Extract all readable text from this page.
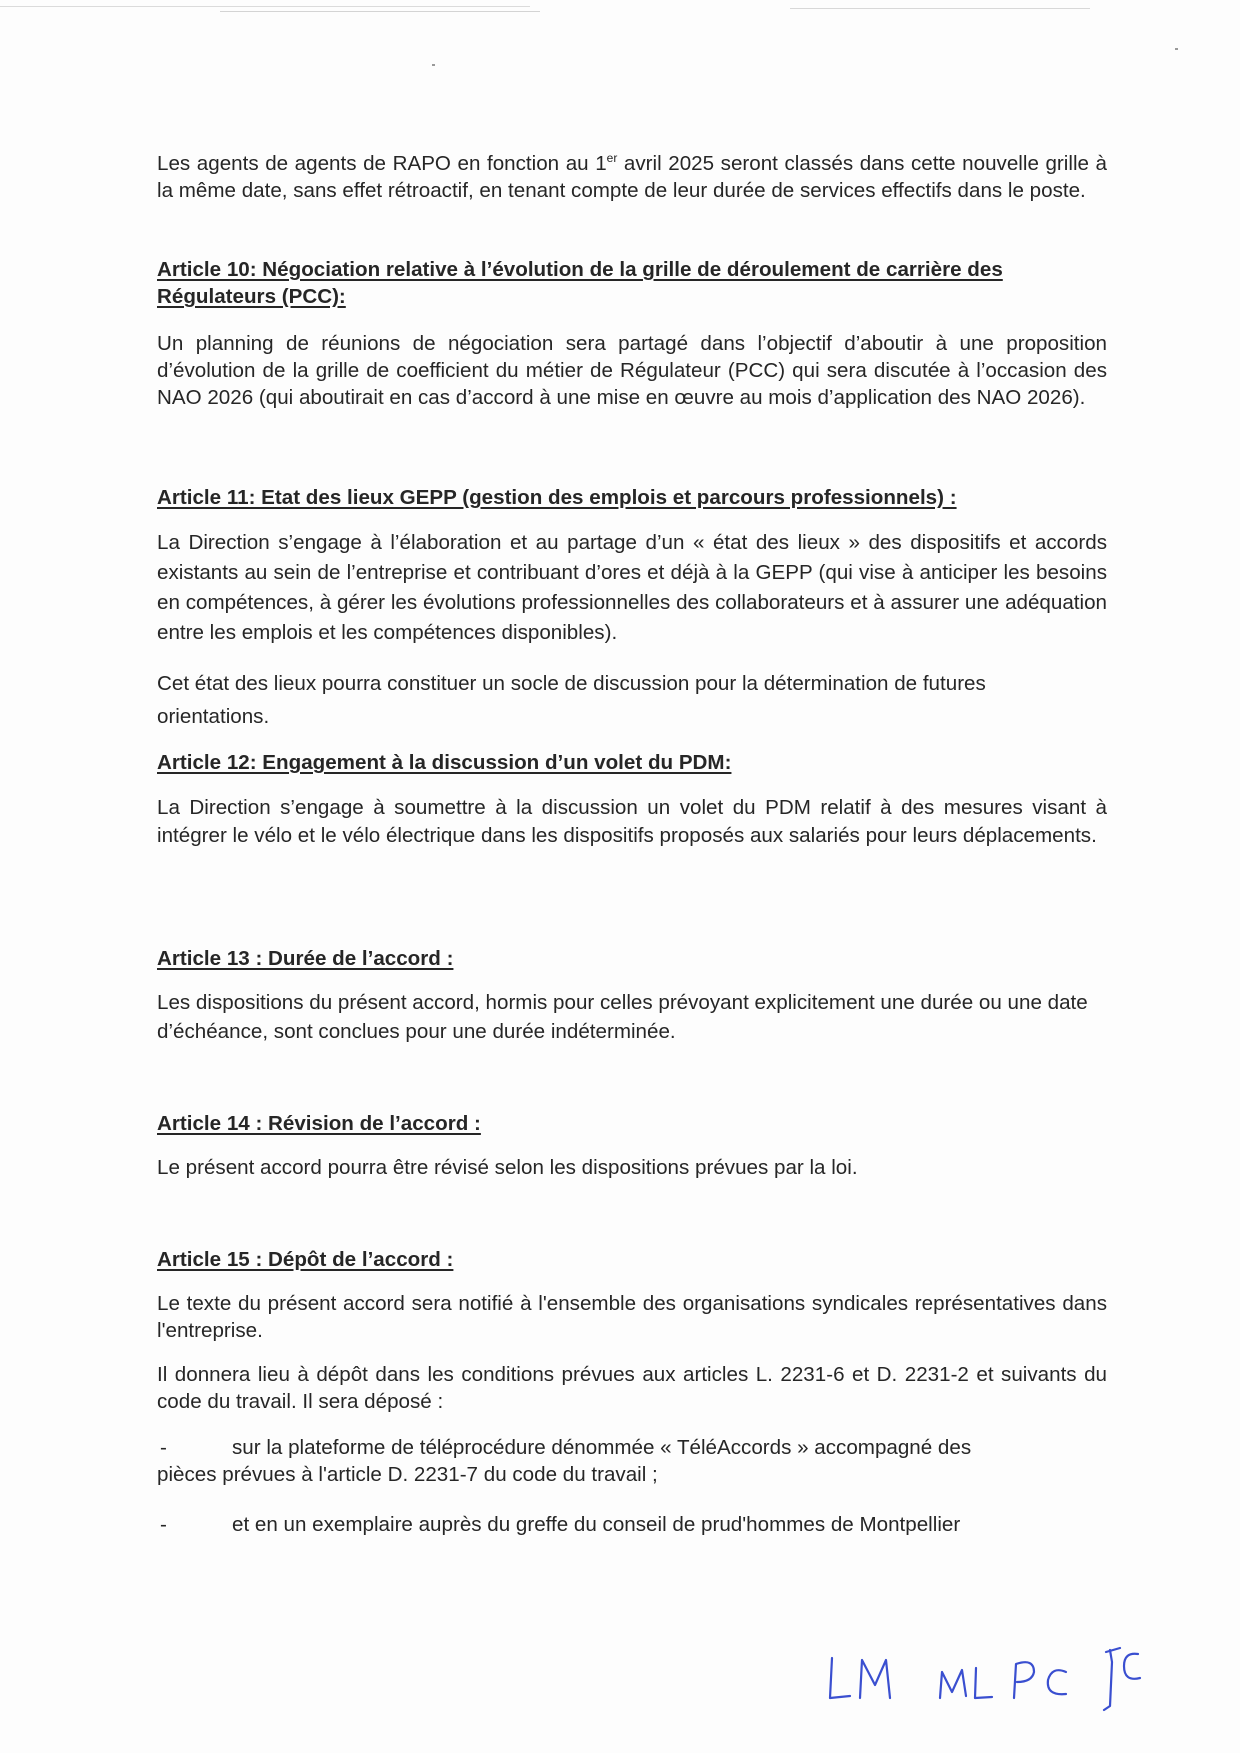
Les agents de agents de RAPO en fonction au 1er avril 2025 seront classés dans cette nouvelle grille à la même date, sans effet rétroactif, en tenant compte de leur durée de services effectifs dans le poste.

Article 10: Négociation relative à l’évolution de la grille de déroulement de carrière des Régulateurs (PCC):

Un planning de réunions de négociation sera partagé dans l’objectif d’aboutir à une proposition d’évolution de la grille de coefficient du métier de Régulateur (PCC) qui sera discutée à l’occasion des NAO 2026 (qui aboutirait en cas d’accord à une mise en œuvre au mois d’application des NAO 2026).

Article 11: Etat des lieux GEPP (gestion des emplois et parcours professionnels) :

La Direction s’engage à l’élaboration et au partage d’un « état des lieux » des dispositifs et accords existants au sein de l’entreprise et contribuant d’ores et déjà à la GEPP (qui vise à anticiper les besoins en compétences, à gérer les évolutions professionnelles des collaborateurs et à assurer une adéquation entre les emplois et les compétences disponibles).

Cet état des lieux pourra constituer un socle de discussion pour la détermination de futures orientations.

Article 12: Engagement à la discussion d’un volet du PDM:

La Direction s’engage à soumettre à la discussion un volet du PDM relatif à des mesures visant à intégrer le vélo et le vélo électrique dans les dispositifs proposés aux salariés pour leurs déplacements.

Article 13 : Durée de l’accord :

Les dispositions du présent accord, hormis pour celles prévoyant explicitement une durée ou une date d’échéance, sont conclues pour une durée indéterminée.

Article 14 : Révision de l’accord :

Le présent accord pourra être révisé selon les dispositions prévues par la loi.

Article 15 : Dépôt de l’accord :

Le texte du présent accord sera notifié à l'ensemble des organisations syndicales représentatives dans l'entreprise.

Il donnera lieu à dépôt dans les conditions prévues aux articles L. 2231-6 et D. 2231-2 et suivants du code du travail. Il sera déposé :

-	sur la plateforme de téléprocédure dénommée « TéléAccords » accompagné des
pièces prévues à l'article D. 2231-7 du code du travail ;

-	et en un exemplaire auprès du greffe du conseil de prud'hommes de Montpellier
